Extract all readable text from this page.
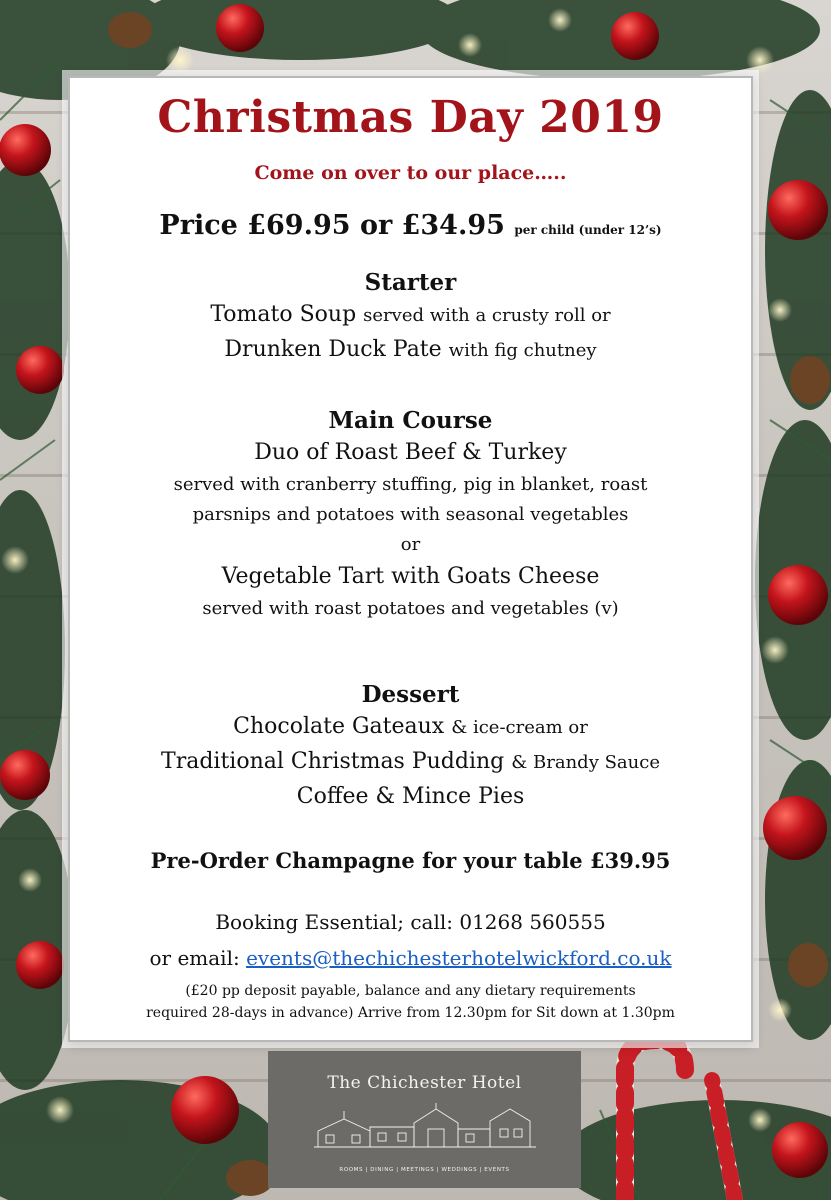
Christmas Day 2019
Come on over to our place…..
Price £69.95 or £34.95 per child (under 12’s)
Starter
Tomato Soup served with a crusty roll or
Drunken Duck Pate with fig chutney
Main Course
Duo of Roast Beef & Turkey
served with cranberry stuffing, pig in blanket, roast
parsnips and potatoes with seasonal vegetables
or
Vegetable Tart with Goats Cheese
served with roast potatoes and vegetables (v)
Dessert
Chocolate Gateaux & ice-cream or
Traditional Christmas Pudding & Brandy Sauce
Coffee & Mince Pies
Pre-Order Champagne for your table £39.95
Booking Essential; call: 01268 560555
or email: events@thechichesterhotelwickford.co.uk
(£20 pp deposit payable, balance and any dietary requirements
required 28-days in advance) Arrive from 12.30pm for Sit down at 1.30pm
The Chichester Hotel
ROOMS | DINING | MEETINGS | WEDDINGS | EVENTS
